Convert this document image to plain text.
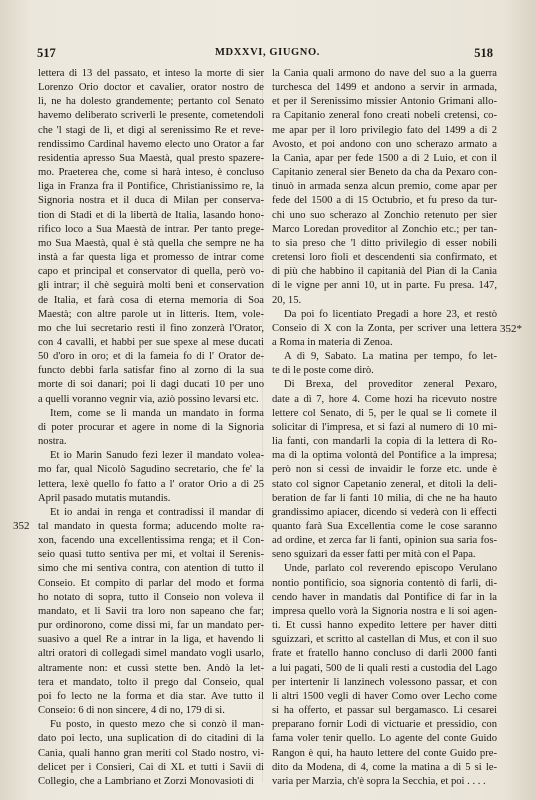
517	MDXXVI, GIUGNO.	518
352
352*
lettera di 13 del passato, et inteso la morte di sier
Lorenzo Orio doctor et cavalier, orator nostro de
lì, ne ha dolesto grandemente; pertanto col Senato
havemo deliberato scriverli le presente, cometendoli
che 'l stagi de lì, et digi al serenissimo Re et reve-
rendissimo Cardinal havemo electo uno Orator a far
residentia apresso Sua Maestà, qual presto spazere-
mo. Praeterea che, come si harà inteso, è concluso
liga in Franza fra il Pontifice, Christianissimo re, la
Signoria nostra et il duca di Milan per conserva-
tion di Stadi et di la libertà de Italia, lasando hono-
rifico loco a Sua Maestà de intrar. Per tanto prege-
mo Sua Maestà, qual è stà quella che sempre ne ha
instà a far questa liga et promesso de intrar come
capo et principal et conservator di quella, però vo-
gli intrar; il chè seguirà molti beni et conservation
de Italia, et farà cosa di eterna memoria di Soa
Maestà; con altre parole ut in litteris. Item, vole-
mo che lui secretario resti il fino zonzerà l'Orator,
con 4 cavalli, et habbi per sue spexe al mese ducati
50 d'oro in oro; et di la fameia fo di l' Orator de-
functo debbi farla satisfar fino al zorno di la sua
morte di soi danari; poi li dagi ducati 10 per uno
a quelli voranno vegnir via, aziò possino levarsi etc.
Item, come se li manda un mandato in forma
di poter procurar et agere in nome di la Signoria
nostra.
Et io Marin Sanudo fezi lezer il mandato volea-
mo far, qual Nicolò Sagudino secretario, che fe' la
lettera, lexè quello fo fatto a l' orator Orio a di 25
April pasado mutatis mutandis.
Et io andai in renga et contradissi il mandar di
tal mandato in questa forma; aducendo molte ra-
xon, facendo una excellentissima renga; et il Con-
seio quasi tutto sentiva per mi, et voltai il Serenis-
simo che mi sentiva contra, con atention di tutto il
Conseio. Et compito di parlar del modo et forma
ho notato di sopra, tutto il Conseio non voleva il
mandato, et li Savii tra loro non sapeano che far;
pur ordinorono, come dissi mi, far un mandato per-
suasivo a quel Re a intrar in la liga, et havendo li
altri oratori di collegadi simel mandato vogli usarlo,
altramente non: et cussì stette ben. Andò la let-
tera et mandato, tolto il prego dal Conseio, qual
poi fo lecto ne la forma et dia star. Ave tutto il
Conseio: 6 di non sincere, 4 di no, 179 di si.
Fu posto, in questo mezo che si conzò il man-
dato poi lecto, una suplication di do citadini di la
Canìa, quali hanno gran meriti col Stado nostro, vi-
delicet per i Consieri, Cai di XL et tutti i Savii di
Collegio, che a Lambriano et Zorzi Monovasioti di
la Canìa quali armono do nave del suo a la guerra
turchesca del 1499 et andono a servir in armada,
et per il Serenissimo missier Antonio Grimani allo-
ra Capitanio zeneral fono creati nobeli cretensi, co-
me apar per il loro privilegio fato del 1499 a di 2
Avosto, et poi andono con uno scherazo armato a
la Canìa, apar per fede 1500 a dì 2 Luio, et con il
Capitanio zeneral sier Beneto da cha da Pexaro con-
tinuò in armada senza alcun premio, come apar per
fede del 1500 a di 15 Octubrio, et fu preso da tur-
chi uno suo scherazo al Zonchio retenuto per sier
Marco Loredan proveditor al Zonchio etc.; per tan-
to sia preso che 'l ditto privilegio di esser nobili
cretensi loro fioli et descendenti sia confirmato, et
di più che habbino il capitanià del Pian di la Canìa
di le vigne per anni 10, ut in parte. Fu presa. 147,
20, 15.
Da poi fo licentiato Pregadi a hore 23, et restò
Conseio di X con la Zonta, per scriver una lettera
a Roma in materia di Zenoa.
A dì 9, Sabato. La matina per tempo, fo let-
te di le poste come dirò.
Di Brexa, del proveditor zeneral Pexaro,
date a dì 7, hore 4. Come hozi ha ricevuto nostre
lettere col Senato, di 5, per le qual se li comete il
solicitar di l'impresa, et si fazi al numero di 10 mi-
lia fanti, con mandarli la copia di la lettera di Ro-
ma di la optima volontà del Pontifice a la impresa;
però non si cessi de invaidir le forze etc. unde è
stato col signor Capetanio zeneral, et ditoli la deli-
beration de far li fanti 10 milia, di che ne ha hauto
grandissimo apiacer, dicendo si vederà con li effecti
quanto farà Sua Excellentia come le cose saranno
ad ordine, et zerca far li fanti, opinion sua saria fos-
seno sguizari da esser fatti per mità con el Papa.
Unde, parlato col reverendo episcopo Verulano
nontio pontificio, soa signoria contentò di farli, di-
cendo haver in mandatis dal Pontifice di far in la
impresa quello vorà la Signoria nostra e li soi agen-
ti. Et cussì hanno expedito lettere per haver ditti
sguizzari, et scritto al castellan di Mus, et con il suo
frate et fratello hanno concluso di darli 2000 fanti
a lui pagati, 500 de li quali resti a custodia del Lago
per intertenir li lanzinech volessono passar, et con
li altri 1500 vegli di haver Como over Lecho come
si ha offerto, et passar sul bergamasco. Li cesarei
preparano fornir Lodi di victuarie et pressidio, con
fama voler tenir quello. Lo agente del conte Guido
Rangon è qui, ha hauto lettere del conte Guido pre-
dito da Modena, di 4, come la matina a di 5 si le-
varia per Marzia, ch'è sopra la Secchia, et poi . . . .
